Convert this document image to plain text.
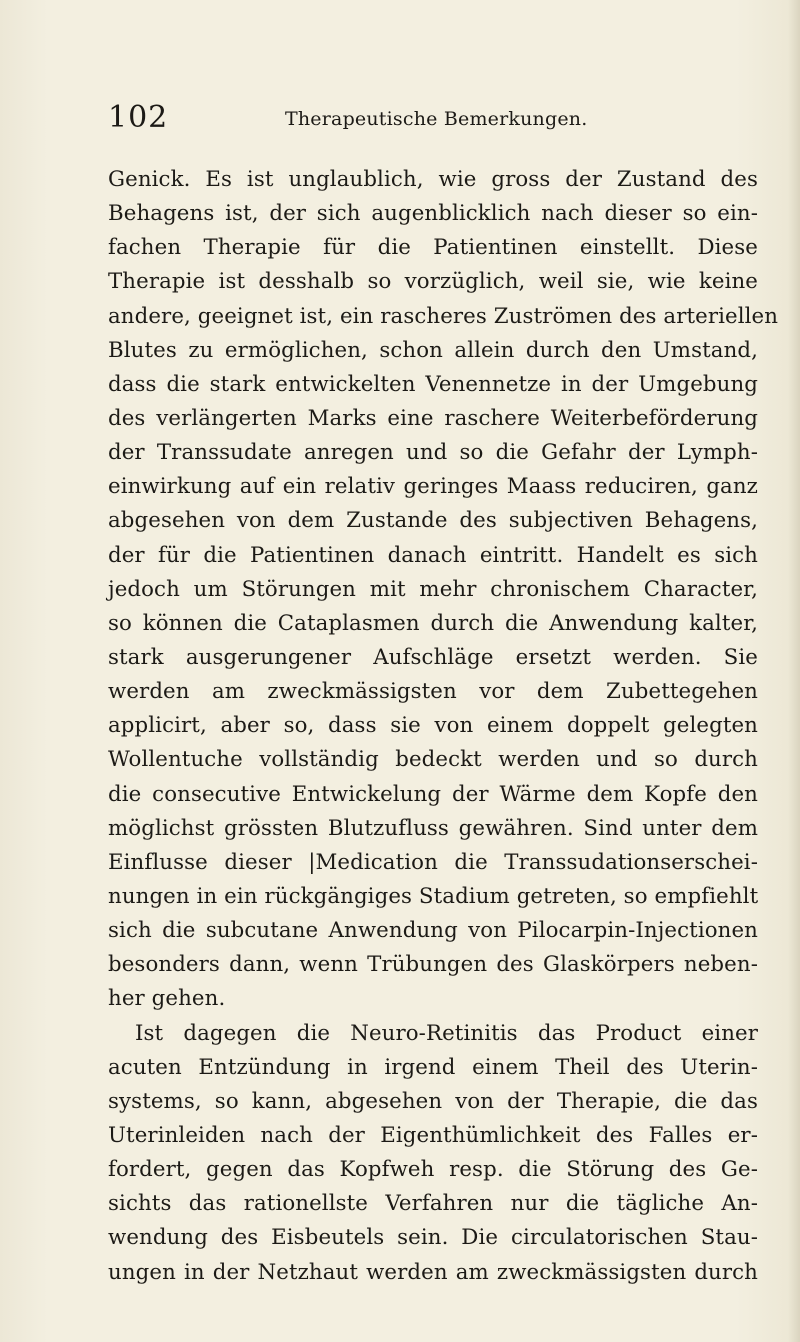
102	Therapeutische Bemerkungen.
Genick. Es ist unglaublich, wie gross der Zustand des
Behagens ist, der sich augenblicklich nach dieser so ein-
fachen Therapie für die Patientinen einstellt. Diese
Therapie ist desshalb so vorzüglich, weil sie, wie keine
andere, geeignet ist, ein rascheres Zuströmen des arteriellen
Blutes zu ermöglichen, schon allein durch den Umstand,
dass die stark entwickelten Venennetze in der Umgebung
des verlängerten Marks eine raschere Weiterbeförderung
der Transsudate anregen und so die Gefahr der Lymph-
einwirkung auf ein relativ geringes Maass reduciren, ganz
abgesehen von dem Zustande des subjectiven Behagens,
der für die Patientinen danach eintritt. Handelt es sich
jedoch um Störungen mit mehr chronischem Character,
so können die Cataplasmen durch die Anwendung kalter,
stark ausgerungener Aufschläge ersetzt werden. Sie
werden am zweckmässigsten vor dem Zubettegehen
applicirt, aber so, dass sie von einem doppelt gelegten
Wollentuche vollständig bedeckt werden und so durch
die consecutive Entwickelung der Wärme dem Kopfe den
möglichst grössten Blutzufluss gewähren. Sind unter dem
Einflusse dieser |Medication die Transsudationserschei-
nungen in ein rückgängiges Stadium getreten, so empfiehlt
sich die subcutane Anwendung von Pilocarpin-Injectionen
besonders dann, wenn Trübungen des Glaskörpers neben-
her gehen.
Ist dagegen die Neuro-Retinitis das Product einer
acuten Entzündung in irgend einem Theil des Uterin-
systems, so kann, abgesehen von der Therapie, die das
Uterinleiden nach der Eigenthümlichkeit des Falles er-
fordert, gegen das Kopfweh resp. die Störung des Ge-
sichts das rationellste Verfahren nur die tägliche An-
wendung des Eisbeutels sein. Die circulatorischen Stau-
ungen in der Netzhaut werden am zweckmässigsten durch
